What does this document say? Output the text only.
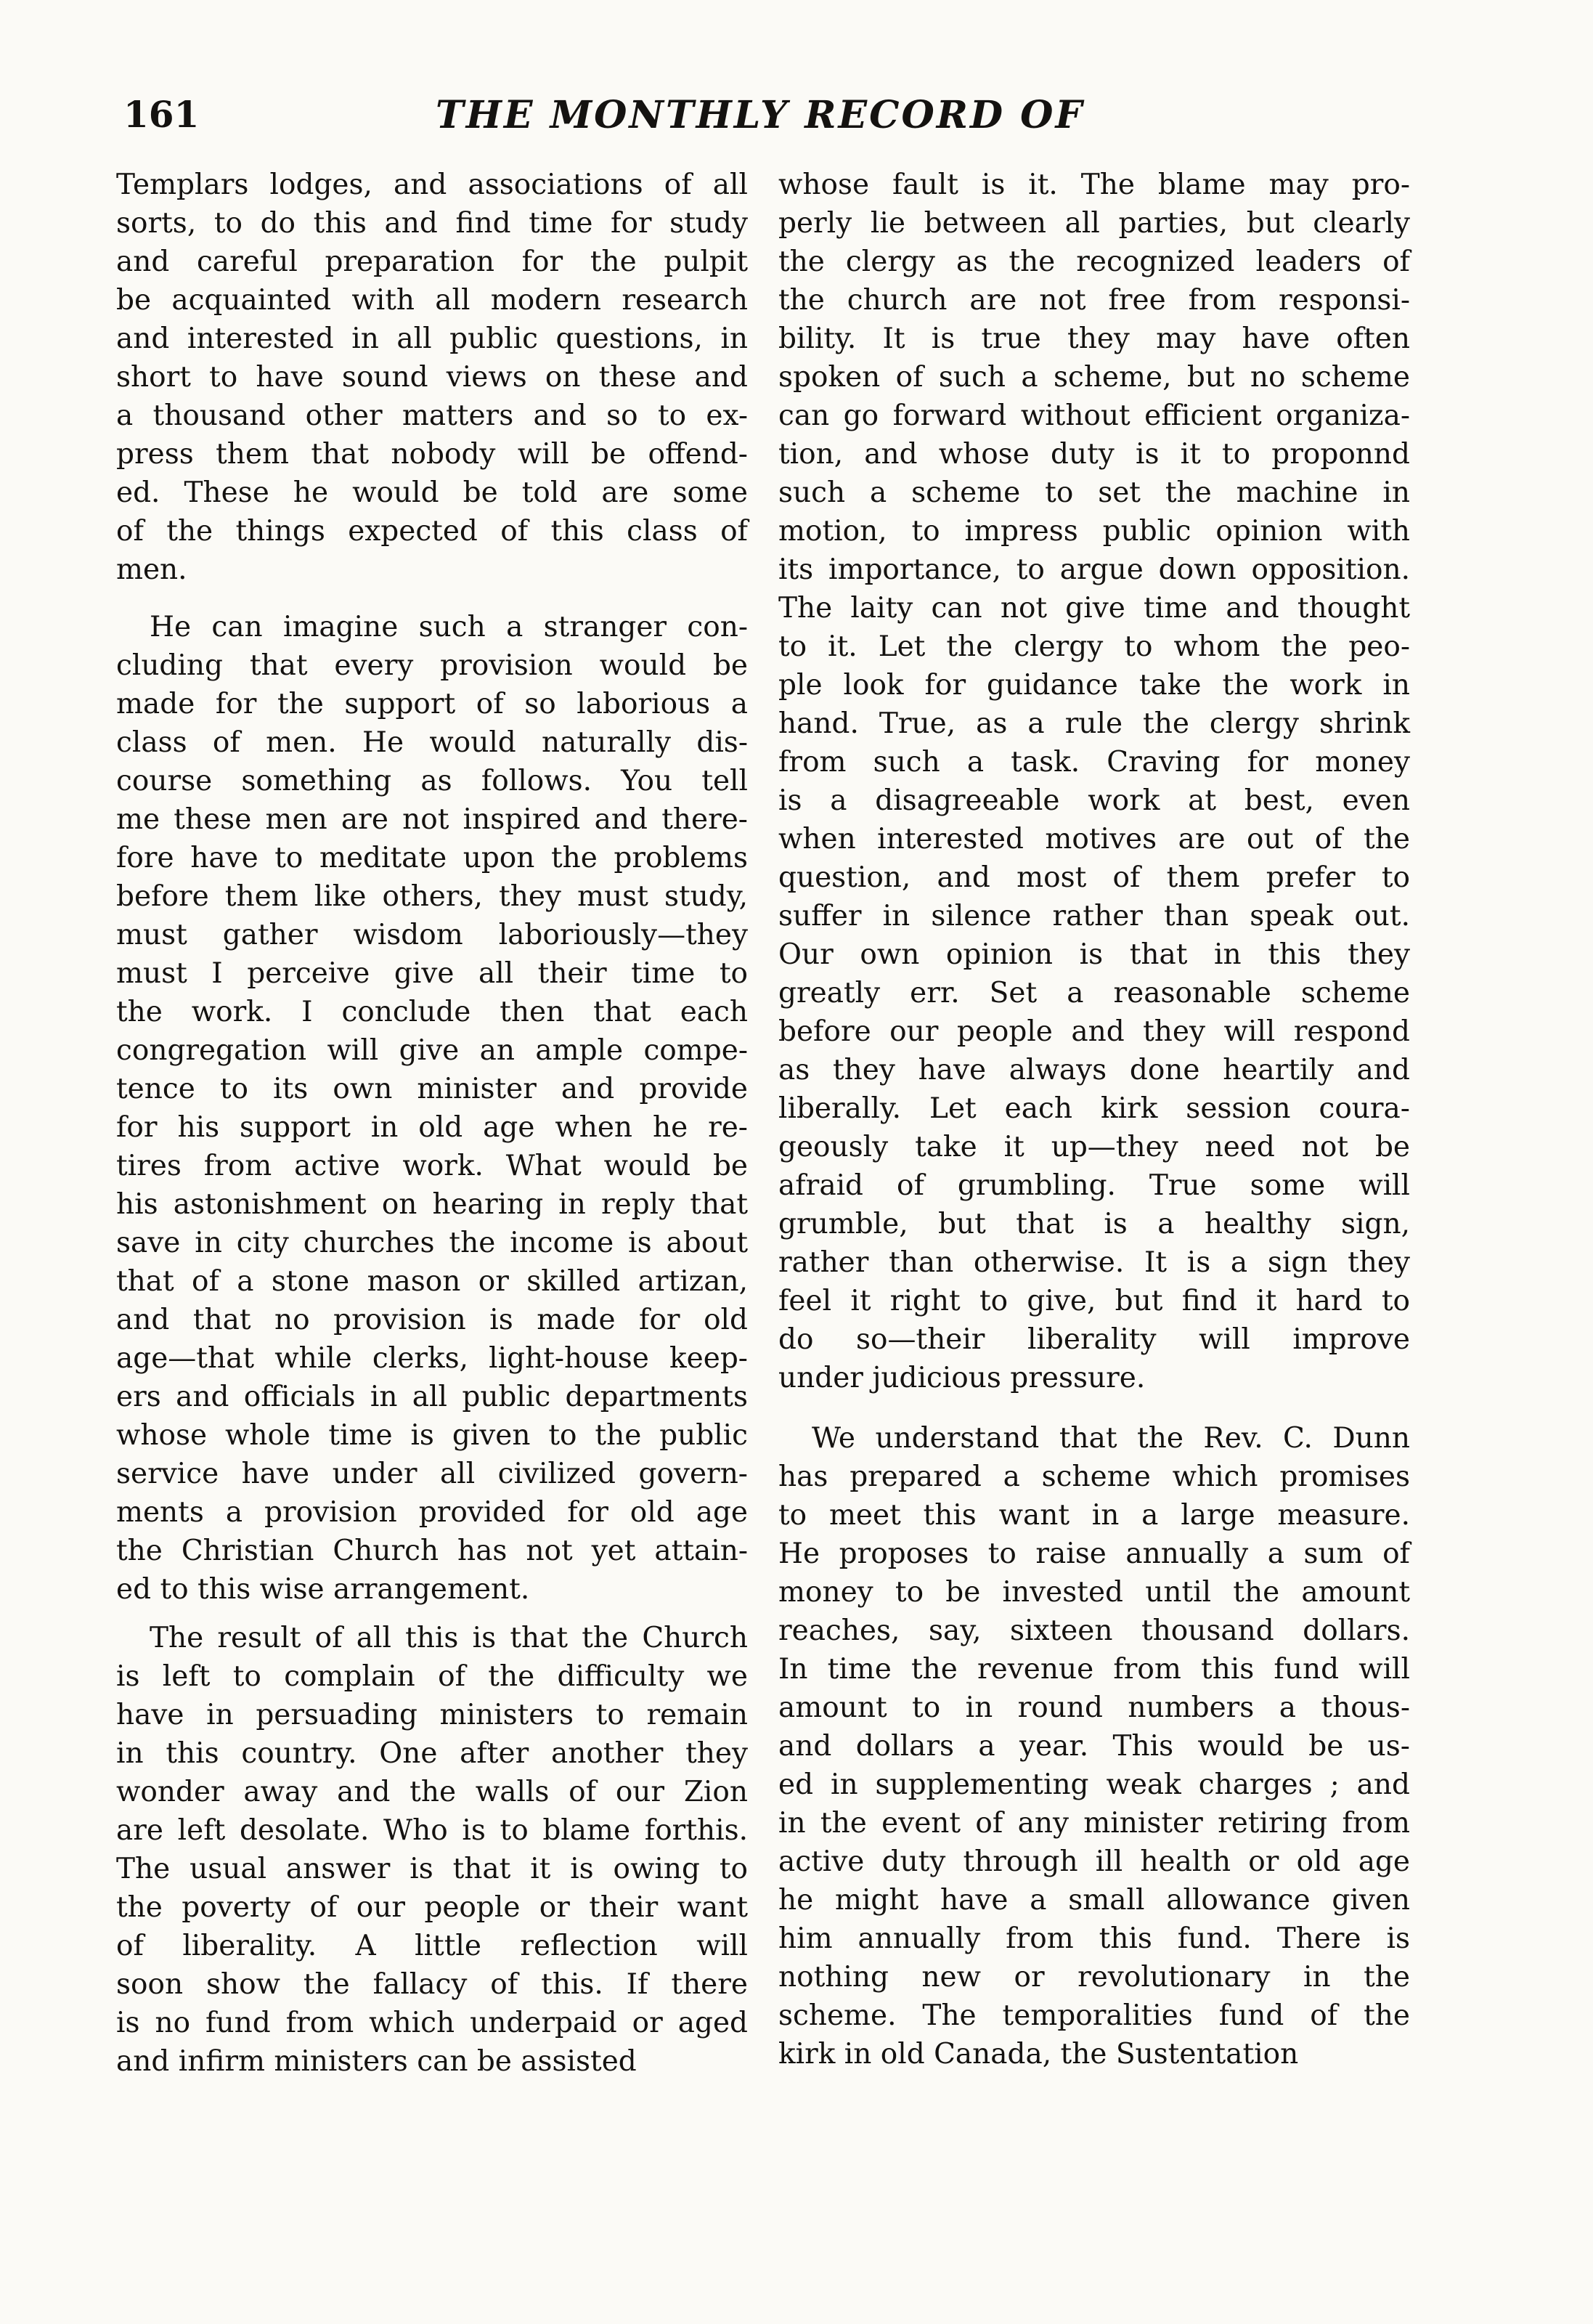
161	THE MONTHLY RECORD OF
Templars lodges, and associations of all
sorts, to do this and find time for study
and careful preparation for the pulpit
be acquainted with all modern research
and interested in all public questions, in
short to have sound views on these and
a thousand other matters and so to ex-
press them that nobody will be offend-
ed. These he would be told are some
of the things expected of this class of
men.
He can imagine such a stranger con-
cluding that every provision would be
made for the support of so laborious a
class of men. He would naturally dis-
course something as follows. You tell
me these men are not inspired and there-
fore have to meditate upon the problems
before them like others, they must study,
must gather wisdom laboriously—they
must I perceive give all their time to
the work. I conclude then that each
congregation will give an ample compe-
tence to its own minister and provide
for his support in old age when he re-
tires from active work. What would be
his astonishment on hearing in reply that
save in city churches the income is about
that of a stone mason or skilled artizan,
and that no provision is made for old
age—that while clerks, light-house keep-
ers and officials in all public departments
whose whole time is given to the public
service have under all civilized govern-
ments a provision provided for old age
the Christian Church has not yet attain-
ed to this wise arrangement.
The result of all this is that the Church
is left to complain of the difficulty we
have in persuading ministers to remain
in this country. One after another they
wonder away and the walls of our Zion
are left desolate. Who is to blame forthis.
The usual answer is that it is owing to
the poverty of our people or their want
of liberality. A little reflection will
soon show the fallacy of this. If there
is no fund from which underpaid or aged
and infirm ministers can be assisted
whose fault is it. The blame may pro-
perly lie between all parties, but clearly
the clergy as the recognized leaders of
the church are not free from responsi-
bility. It is true they may have often
spoken of such a scheme, but no scheme
can go forward without efficient organiza-
tion, and whose duty is it to proponnd
such a scheme to set the machine in
motion, to impress public opinion with
its importance, to argue down opposition.
The laity can not give time and thought
to it. Let the clergy to whom the peo-
ple look for guidance take the work in
hand. True, as a rule the clergy shrink
from such a task. Craving for money
is a disagreeable work at best, even
when interested motives are out of the
question, and most of them prefer to
suffer in silence rather than speak out.
Our own opinion is that in this they
greatly err. Set a reasonable scheme
before our people and they will respond
as they have always done heartily and
liberally. Let each kirk session coura-
geously take it up—they need not be
afraid of grumbling. True some will
grumble, but that is a healthy sign,
rather than otherwise. It is a sign they
feel it right to give, but find it hard to
do so—their liberality will improve
under judicious pressure.
We understand that the Rev. C. Dunn
has prepared a scheme which promises
to meet this want in a large measure.
He proposes to raise annually a sum of
money to be invested until the amount
reaches, say, sixteen thousand dollars.
In time the revenue from this fund will
amount to in round numbers a thous-
and dollars a year. This would be us-
ed in supplementing weak charges ; and
in the event of any minister retiring from
active duty through ill health or old age
he might have a small allowance given
him annually from this fund. There is
nothing new or revolutionary in the
scheme. The temporalities fund of the
kirk in old Canada, the Sustentation
